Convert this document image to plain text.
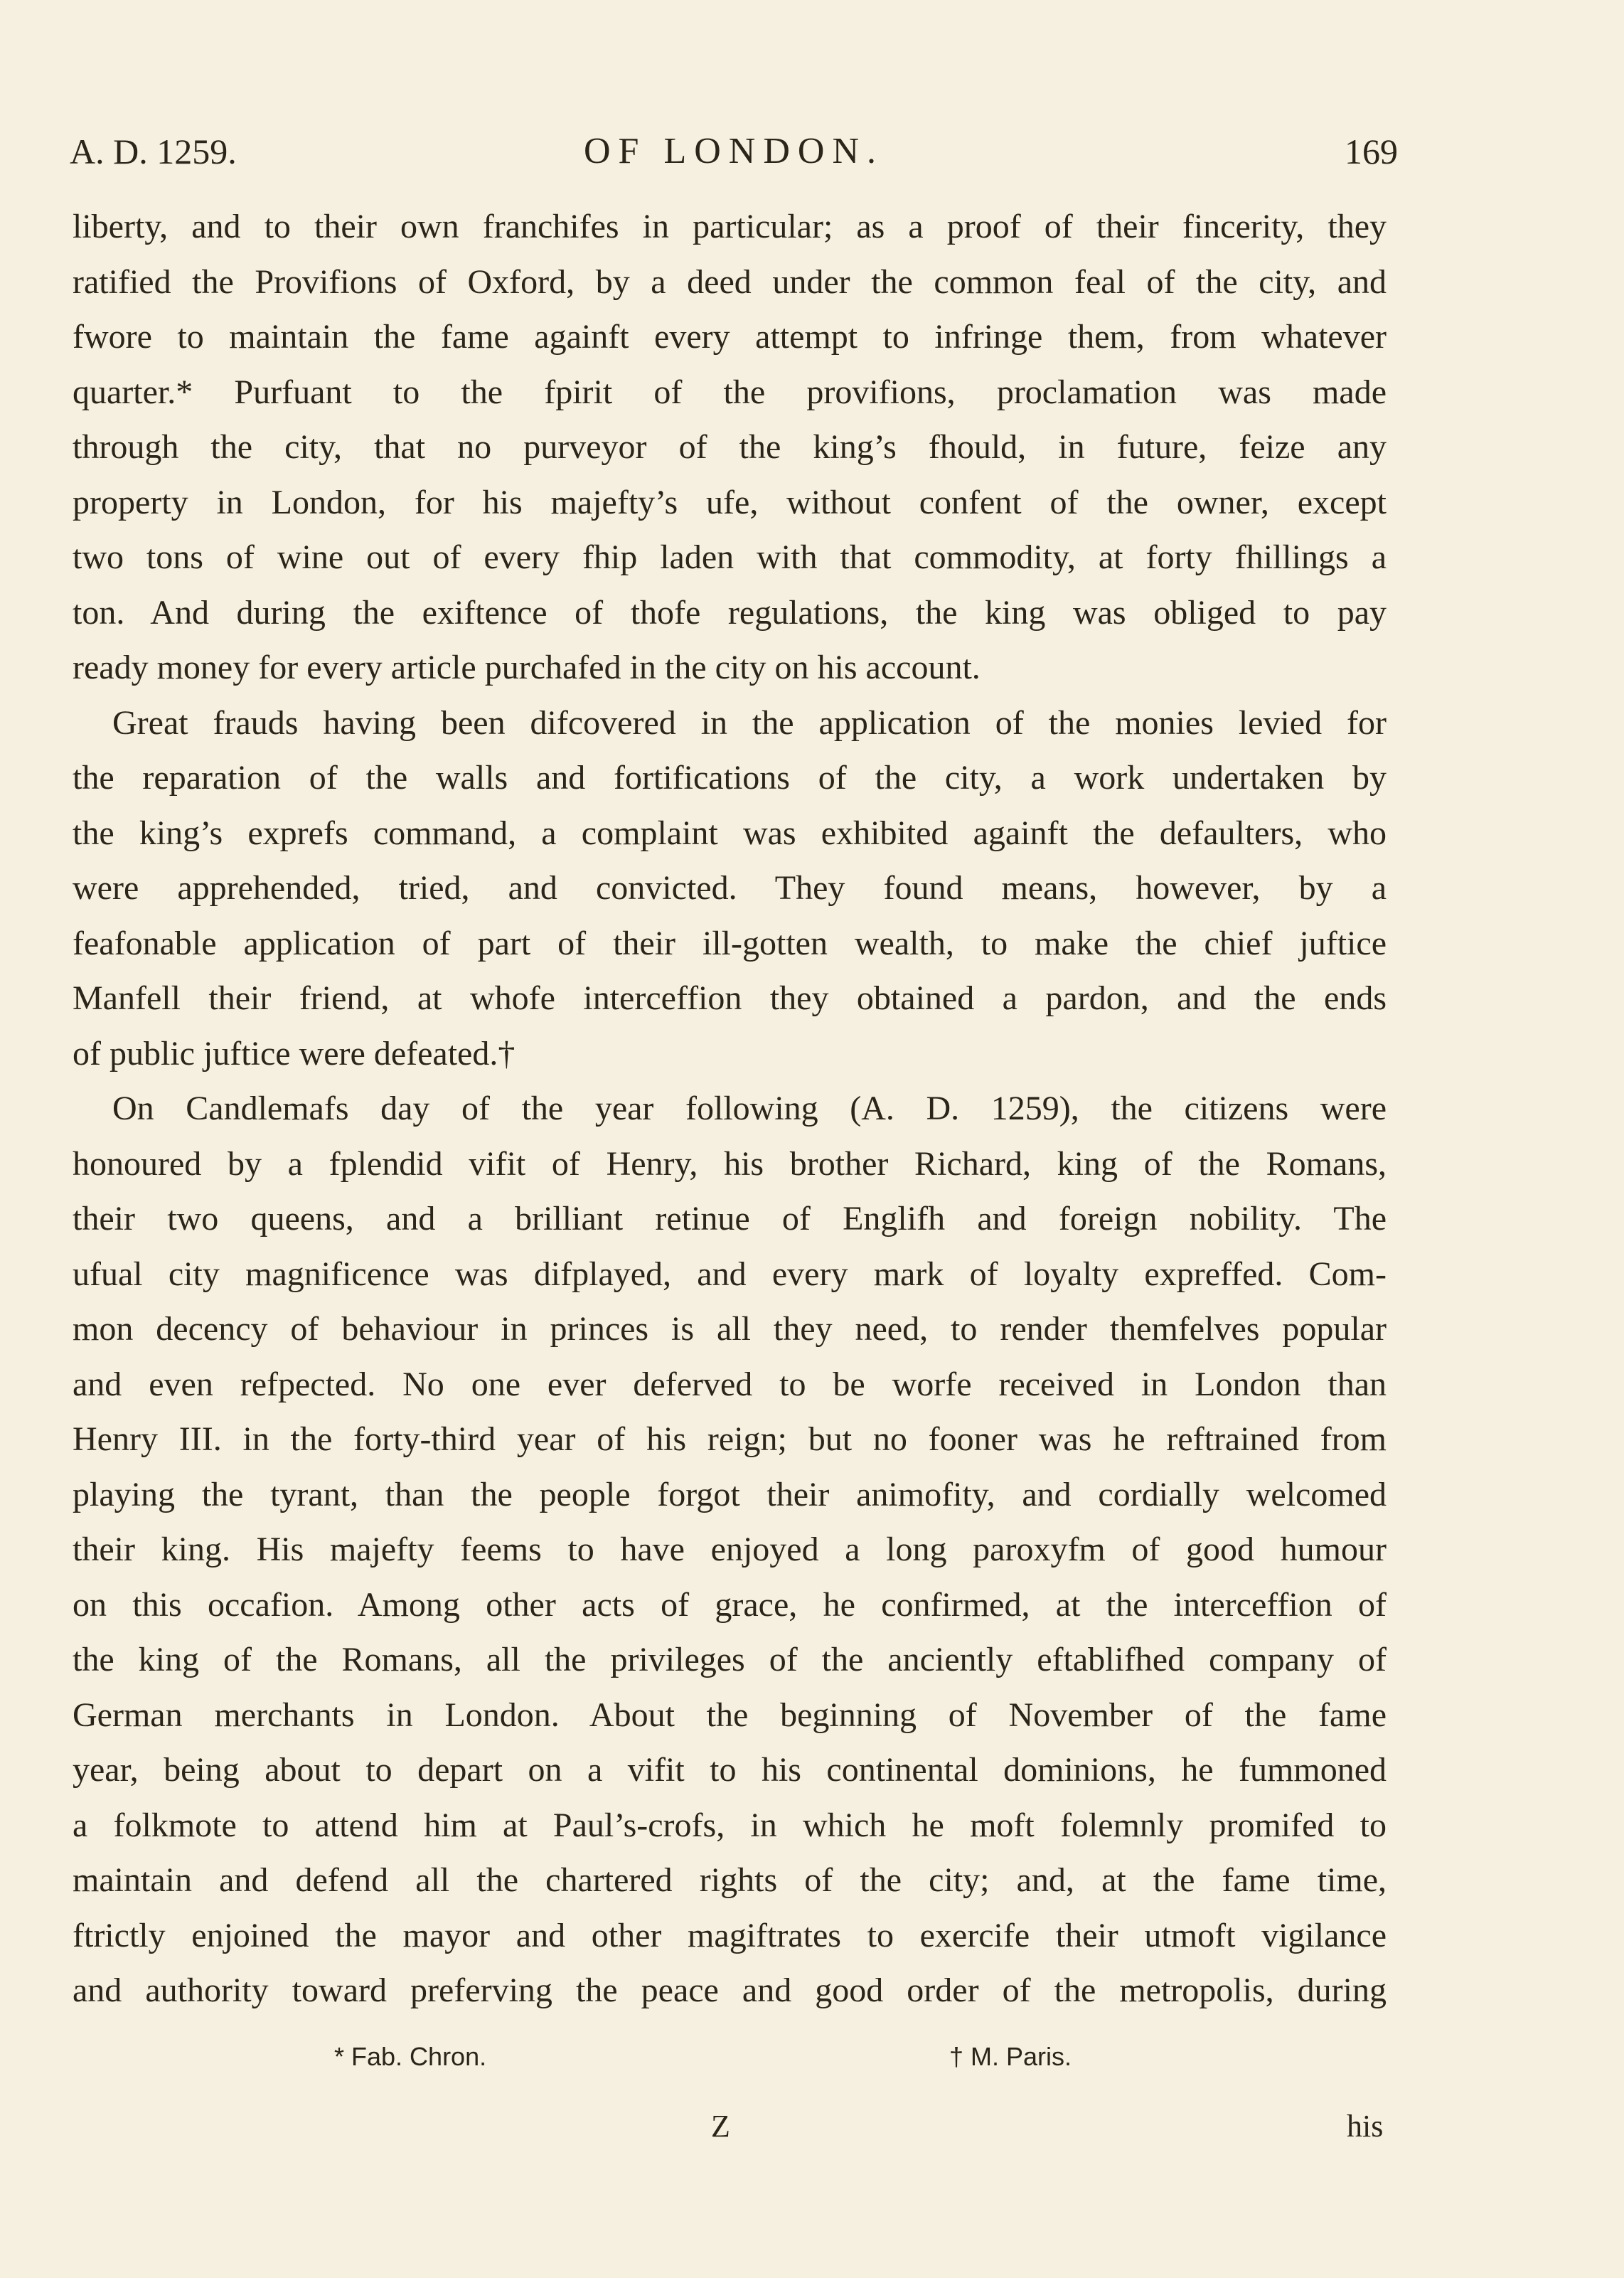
A. D. 1259.	OF LONDON.	169
liberty, and to their own franchifes in particular; as a proof of their fincerity, they
ratified the Provifions of Oxford, by a deed under the common feal of the city, and
fwore to maintain the fame againft every attempt to infringe them, from whatever
quarter.* Purfuant to the fpirit of the provifions, proclamation was made
through the city, that no purveyor of the king’s fhould, in future, feize any
property in London, for his majefty’s ufe, without confent of the owner, except
two tons of wine out of every fhip laden with that commodity, at forty fhillings a
ton. And during the exiftence of thofe regulations, the king was obliged to pay
ready money for every article purchafed in the city on his account.
Great frauds having been difcovered in the application of the monies levied for
the reparation of the walls and fortifications of the city, a work undertaken by
the king’s exprefs command, a complaint was exhibited againft the defaulters, who
were apprehended, tried, and convicted. They found means, however, by a
feafonable application of part of their ill-gotten wealth, to make the chief juftice
Manfell their friend, at whofe interceffion they obtained a pardon, and the ends
of public juftice were defeated.†
On Candlemafs day of the year following (A. D. 1259), the citizens were
honoured by a fplendid vifit of Henry, his brother Richard, king of the Romans,
their two queens, and a brilliant retinue of Englifh and foreign nobility. The
ufual city magnificence was difplayed, and every mark of loyalty expreffed. Com-
mon decency of behaviour in princes is all they need, to render themfelves popular
and even refpected. No one ever deferved to be worfe received in London than
Henry III. in the forty-third year of his reign; but no fooner was he reftrained from
playing the tyrant, than the people forgot their animofity, and cordially welcomed
their king. His majefty feems to have enjoyed a long paroxyfm of good humour
on this occafion. Among other acts of grace, he confirmed, at the interceffion of
the king of the Romans, all the privileges of the anciently eftablifhed company of
German merchants in London. About the beginning of November of the fame
year, being about to depart on a vifit to his continental dominions, he fummoned
a folkmote to attend him at Paul’s-crofs, in which he moft folemnly promifed to
maintain and defend all the chartered rights of the city; and, at the fame time,
ftrictly enjoined the mayor and other magiftrates to exercife their utmoft vigilance
and authority toward preferving the peace and good order of the metropolis, during
* Fab. Chron.	† M. Paris.
Z	his
